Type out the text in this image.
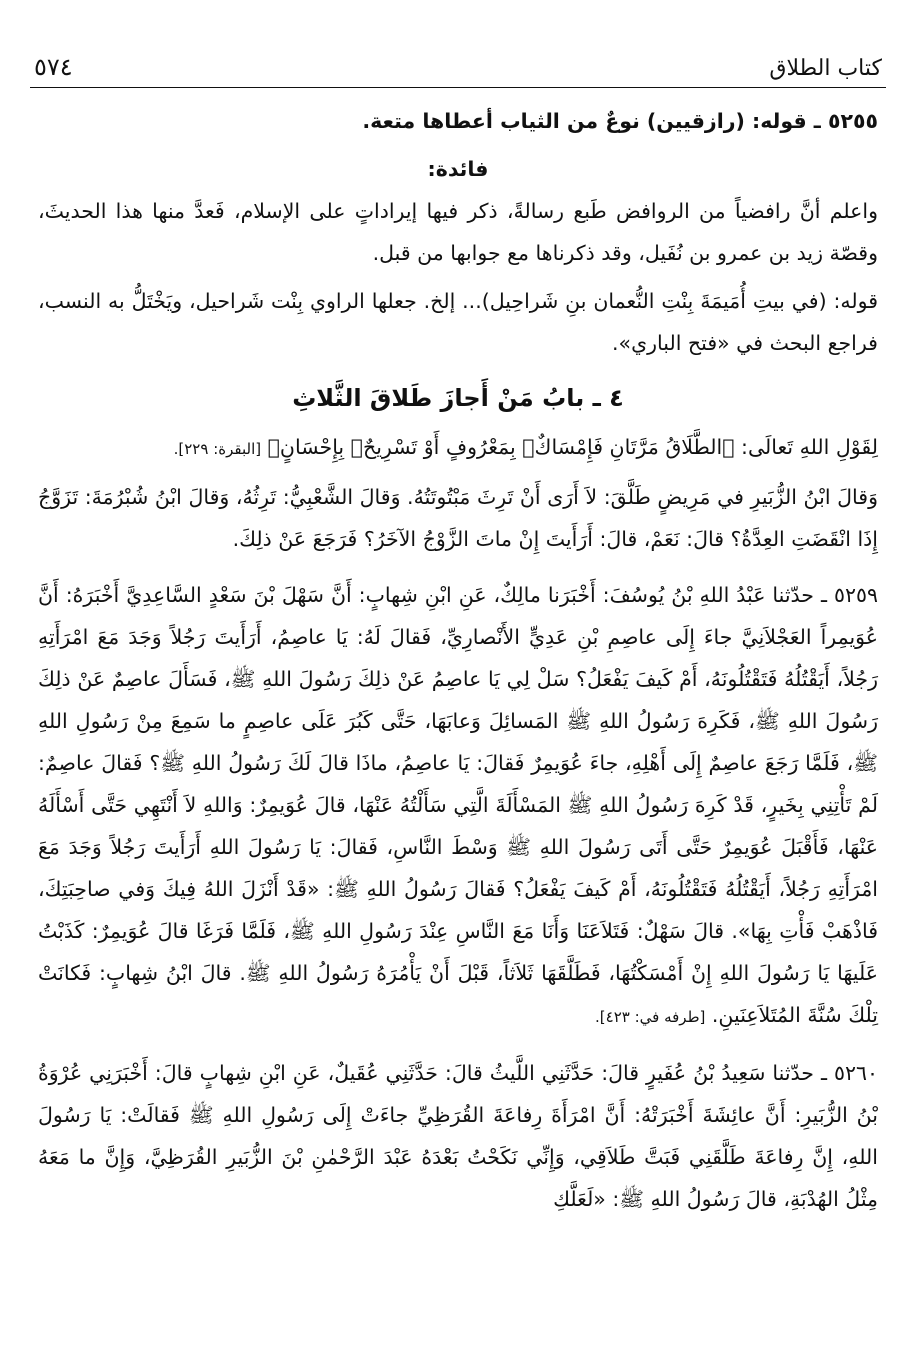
كتاب الطلاق
٥٧٤

٥٢٥٥ ـ قوله: (رازقيين) نوعٌ من الثياب أعطاها متعة.

فائدة:

واعلم أنَّ رافضياً من الروافض طَبع رسالةً، ذكر فيها إيراداتٍ على الإسلام، فَعدَّ منها هذا الحديثَ، وقصّة زيد بن عمرو بن نُفَيل، وقد ذكرناها مع جوابها من قبل.

قوله: (في بيتِ أُمَيمَةَ بِنْتِ النُّعمان بنِ شَراحِيل)... إلخ. جعلها الراوي بِنْت شَراحيل، ويَخْتَلُّ به النسب، فراجع البحث في «فتح الباري».

٤ ـ بابُ مَنْ أَجازَ طَلاقَ الثَّلاثِ

لِقَوْلِ اللهِ تَعالَى: ﴿الطَّلَاقُ مَرَّتَانِ فَإِمْسَاكٌۢ بِمَعْرُوفٍ أَوْ تَسْرِيحٌۢ بِإِحْسَانٍ﴾ [البقرة: ٢٢٩].

وَقالَ ابْنُ الزُّبَيرِ في مَرِيضٍ طَلَّقَ: لاَ أَرَى أَنْ تَرِثَ مَبْتُوتَتُهُ. وَقالَ الشَّعْبِيُّ: تَرِثُهُ، وَقالَ ابْنُ شُبْرُمَةَ: تَزَوَّجُ إِذَا انْقَضَتِ العِدَّةُ؟ قالَ: نَعَمْ، قالَ: أَرَأَيتَ إِنْ ماتَ الزَّوْجُ الآخَرُ؟ فَرَجَعَ عَنْ ذلِكَ.

٥٢٥٩ ـ حدّثنا عَبْدُ اللهِ بْنُ يُوسُفَ: أَخْبَرَنا مالِكٌ، عَنِ ابْنِ شِهابٍ: أَنَّ سَهْلَ بْنَ سَعْدٍ السَّاعِدِيَّ أَخْبَرَهُ: أَنَّ عُوَيمِراً العَجْلاَنِيَّ جاءَ إِلَى عاصِمِ بْنِ عَدِيٍّ الأَنْصارِيِّ، فَقالَ لَهُ: يَا عاصِمُ، أَرَأَيتَ رَجُلاً وَجَدَ مَعَ امْرَأَتِهِ رَجُلاً، أَيَقْتُلُهُ فَتَقْتُلُونَهُ، أَمْ كَيفَ يَفْعَلُ؟ سَلْ لِي يَا عاصِمُ عَنْ ذلِكَ رَسُولَ اللهِ ﷺ، فَسَأَلَ عاصِمٌ عَنْ ذلِكَ رَسُولَ اللهِ ﷺ، فَكَرِهَ رَسُولُ اللهِ ﷺ المَسائِلَ وَعابَهَا، حَتَّى كَبُرَ عَلَى عاصِمٍ ما سَمِعَ مِنْ رَسُولِ اللهِ ﷺ، فَلَمَّا رَجَعَ عاصِمٌ إِلَى أَهْلِهِ، جاءَ عُوَيمِرٌ فَقالَ: يَا عاصِمُ، ماذَا قالَ لَكَ رَسُولُ اللهِ ﷺ؟ فَقالَ عاصِمٌ: لَمْ تَأْتِنِي بِخَيرٍ، قَدْ كَرِهَ رَسُولُ اللهِ ﷺ المَسْأَلَةَ الَّتِي سَأَلْتُهُ عَنْهَا، قالَ عُوَيمِرٌ: وَاللهِ لاَ أَنْتَهِي حَتَّى أَسْأَلَهُ عَنْهَا، فَأَقْبَلَ عُوَيمِرٌ حَتَّى أَتَى رَسُولَ اللهِ ﷺ وَسْطَ النَّاسِ، فَقالَ: يَا رَسُولَ اللهِ أَرَأَيتَ رَجُلاً وَجَدَ مَعَ امْرَأَتِهِ رَجُلاً، أَيَقْتُلُهُ فَتَقْتُلُونَهُ، أَمْ كَيفَ يَفْعَلُ؟ فَقالَ رَسُولُ اللهِ ﷺ: «قَدْ أَنْزَلَ اللهُ فِيكَ وَفي صاحِبَتِكَ، فَاذْهَبْ فَأْتِ بِهَا». قالَ سَهْلٌ: فَتَلاَعَنَا وَأَنَا مَعَ النَّاسِ عِنْدَ رَسُولِ اللهِ ﷺ، فَلَمَّا فَرَغَا قالَ عُوَيمِرٌ: كَذَبْتُ عَلَيهَا يَا رَسُولَ اللهِ إِنْ أَمْسَكْتُهَا، فَطَلَّقَهَا ثَلاَثاً، قَبْلَ أَنْ يَأْمُرَهُ رَسُولُ اللهِ ﷺ. قالَ ابْنُ شِهابٍ: فَكانَتْ تِلْكَ سُنَّةَ المُتَلاَعِنَينِ. [طرفه في: ٤٢٣].

٥٢٦٠ ـ حدّثنا سَعِيدُ بْنُ عُفَيرٍ قالَ: حَدَّثَنِي اللَّيثُ قالَ: حَدَّثَنِي عُقَيلٌ، عَنِ ابْنِ شِهابٍ قالَ: أَخْبَرَنِي عُرْوَةُ بْنُ الزُّبَيرِ: أَنَّ عائِشَةَ أَخْبَرَتْهُ: أَنَّ امْرَأَةَ رِفاعَةَ القُرَظِيِّ جاءَتْ إِلَى رَسُولِ اللهِ ﷺ فَقالَتْ: يَا رَسُولَ اللهِ، إِنَّ رِفاعَةَ طَلَّقَنِي فَبَتَّ طَلاَقِي، وَإِنِّي نَكَحْتُ بَعْدَهُ عَبْدَ الرَّحْمٰنِ بْنَ الزُّبَيرِ القُرَظِيَّ، وَإِنَّ ما مَعَهُ مِثْلُ الهُدْبَةِ، قالَ رَسُولُ اللهِ ﷺ: «لَعَلَّكِ
